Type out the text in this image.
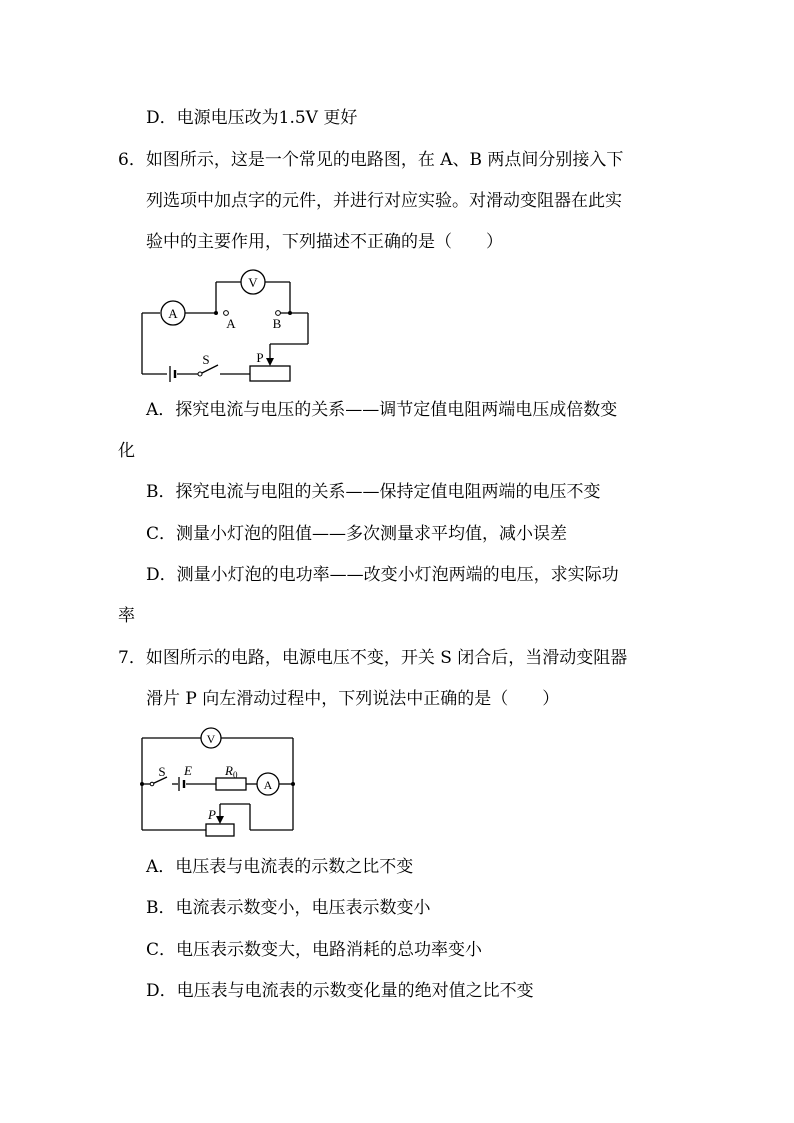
D．电源电压改为1.5V 更好
6．如图所示，这是一个常见的电路图，在 A、B 两点间分别接入下
列选项中加点字的元件，并进行对应实验。对滑动变阻器在此实
验中的主要作用，下列描述不正确的是（　　）
A
V
A	B
S	P
A．探究电流与电压的关系——调节定值电阻两端电压成倍数变
化
B．探究电流与电阻的关系——保持定值电阻两端的电压不变
C．测量小灯泡的阻值——多次测量求平均值，减小误差
D．测量小灯泡的电功率——改变小灯泡两端的电压，求实际功
率
7．如图所示的电路，电源电压不变，开关 S 闭合后，当滑动变阻器
滑片 P 向左滑动过程中，下列说法中正确的是（　　）
V
A
S E	R 0
P
A．电压表与电流表的示数之比不变
B．电流表示数变小，电压表示数变小
C．电压表示数变大，电路消耗的总功率变小
D．电压表与电流表的示数变化量的绝对值之比不变
